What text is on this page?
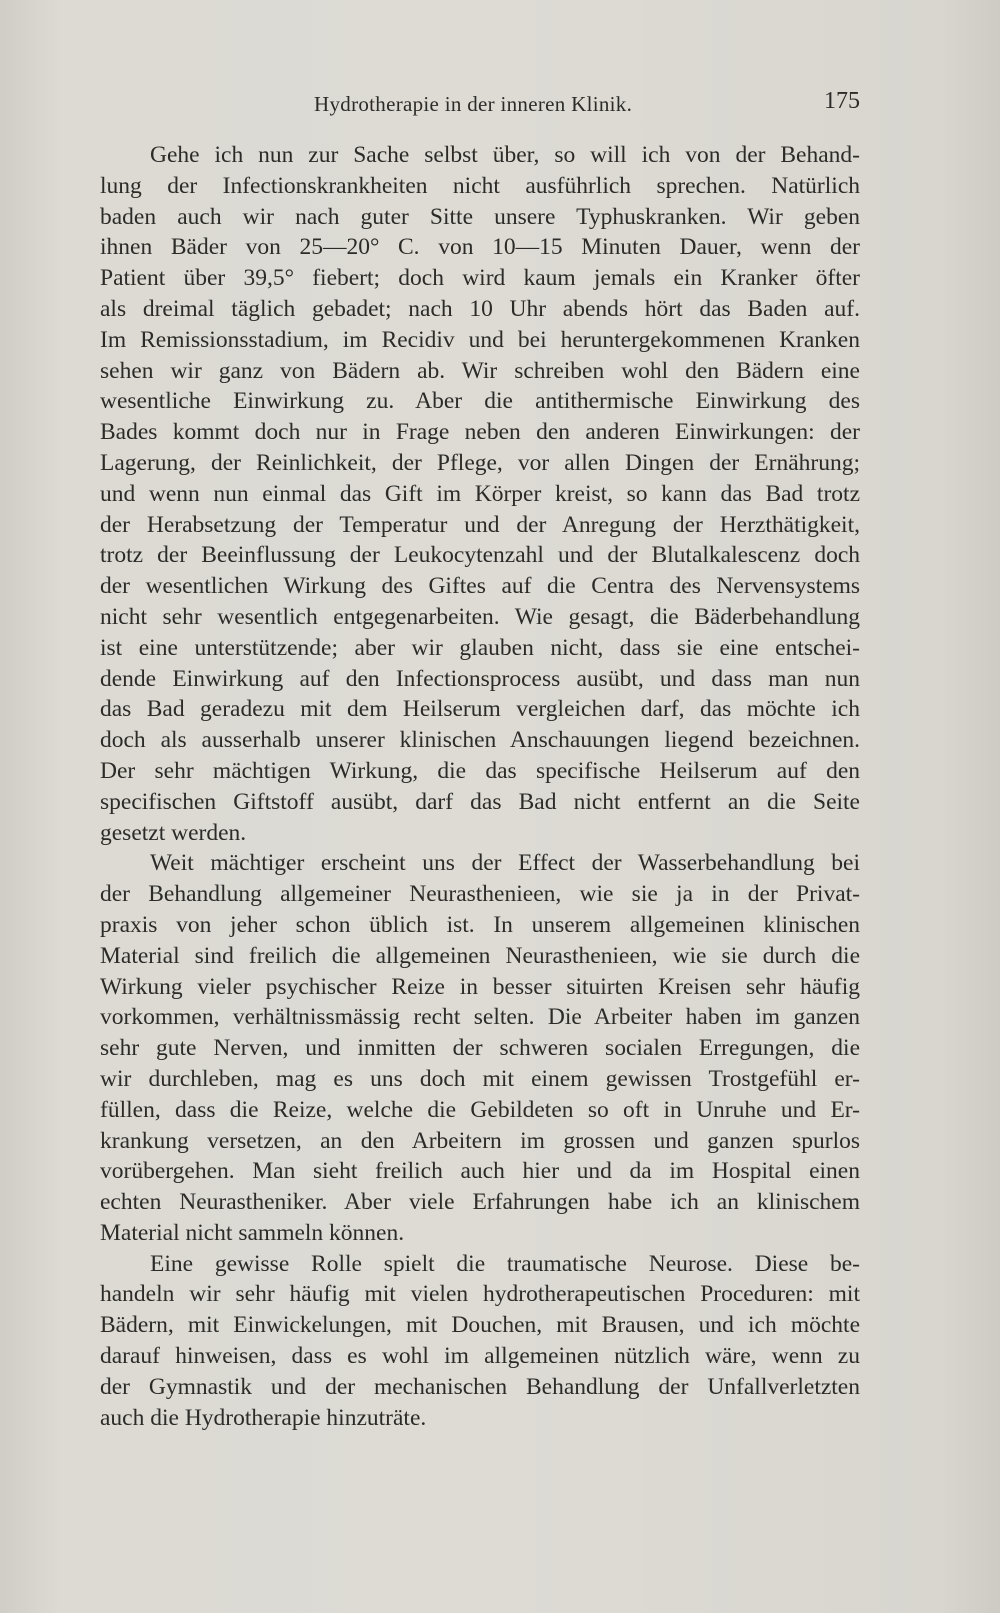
Hydrotherapie in der inneren Klinik.	175

Gehe ich nun zur Sache selbst über, so will ich von der Behand-
lung der Infectionskrankheiten nicht ausführlich sprechen. Natürlich
baden auch wir nach guter Sitte unsere Typhuskranken. Wir geben
ihnen Bäder von 25—20° C. von 10—15 Minuten Dauer, wenn der
Patient über 39,5° fiebert; doch wird kaum jemals ein Kranker öfter
als dreimal täglich gebadet; nach 10 Uhr abends hört das Baden auf.
Im Remissionsstadium, im Recidiv und bei heruntergekommenen Kranken
sehen wir ganz von Bädern ab. Wir schreiben wohl den Bädern eine
wesentliche Einwirkung zu. Aber die antithermische Einwirkung des
Bades kommt doch nur in Frage neben den anderen Einwirkungen: der
Lagerung, der Reinlichkeit, der Pflege, vor allen Dingen der Ernährung;
und wenn nun einmal das Gift im Körper kreist, so kann das Bad trotz
der Herabsetzung der Temperatur und der Anregung der Herzthätigkeit,
trotz der Beeinflussung der Leukocytenzahl und der Blutalkalescenz doch
der wesentlichen Wirkung des Giftes auf die Centra des Nervensystems
nicht sehr wesentlich entgegenarbeiten. Wie gesagt, die Bäderbehandlung
ist eine unterstützende; aber wir glauben nicht, dass sie eine entschei-
dende Einwirkung auf den Infectionsprocess ausübt, und dass man nun
das Bad geradezu mit dem Heilserum vergleichen darf, das möchte ich
doch als ausserhalb unserer klinischen Anschauungen liegend bezeichnen.
Der sehr mächtigen Wirkung, die das specifische Heilserum auf den
specifischen Giftstoff ausübt, darf das Bad nicht entfernt an die Seite
gesetzt werden.

Weit mächtiger erscheint uns der Effect der Wasserbehandlung bei
der Behandlung allgemeiner Neurasthenieen, wie sie ja in der Privat-
praxis von jeher schon üblich ist. In unserem allgemeinen klinischen
Material sind freilich die allgemeinen Neurasthenieen, wie sie durch die
Wirkung vieler psychischer Reize in besser situirten Kreisen sehr häufig
vorkommen, verhältnissmässig recht selten. Die Arbeiter haben im ganzen
sehr gute Nerven, und inmitten der schweren socialen Erregungen, die
wir durchleben, mag es uns doch mit einem gewissen Trostgefühl er-
füllen, dass die Reize, welche die Gebildeten so oft in Unruhe und Er-
krankung versetzen, an den Arbeitern im grossen und ganzen spurlos
vorübergehen. Man sieht freilich auch hier und da im Hospital einen
echten Neurastheniker. Aber viele Erfahrungen habe ich an klinischem
Material nicht sammeln können.

Eine gewisse Rolle spielt die traumatische Neurose. Diese be-
handeln wir sehr häufig mit vielen hydrotherapeutischen Proceduren: mit
Bädern, mit Einwickelungen, mit Douchen, mit Brausen, und ich möchte
darauf hinweisen, dass es wohl im allgemeinen nützlich wäre, wenn zu
der Gymnastik und der mechanischen Behandlung der Unfallverletzten
auch die Hydrotherapie hinzuträte.
